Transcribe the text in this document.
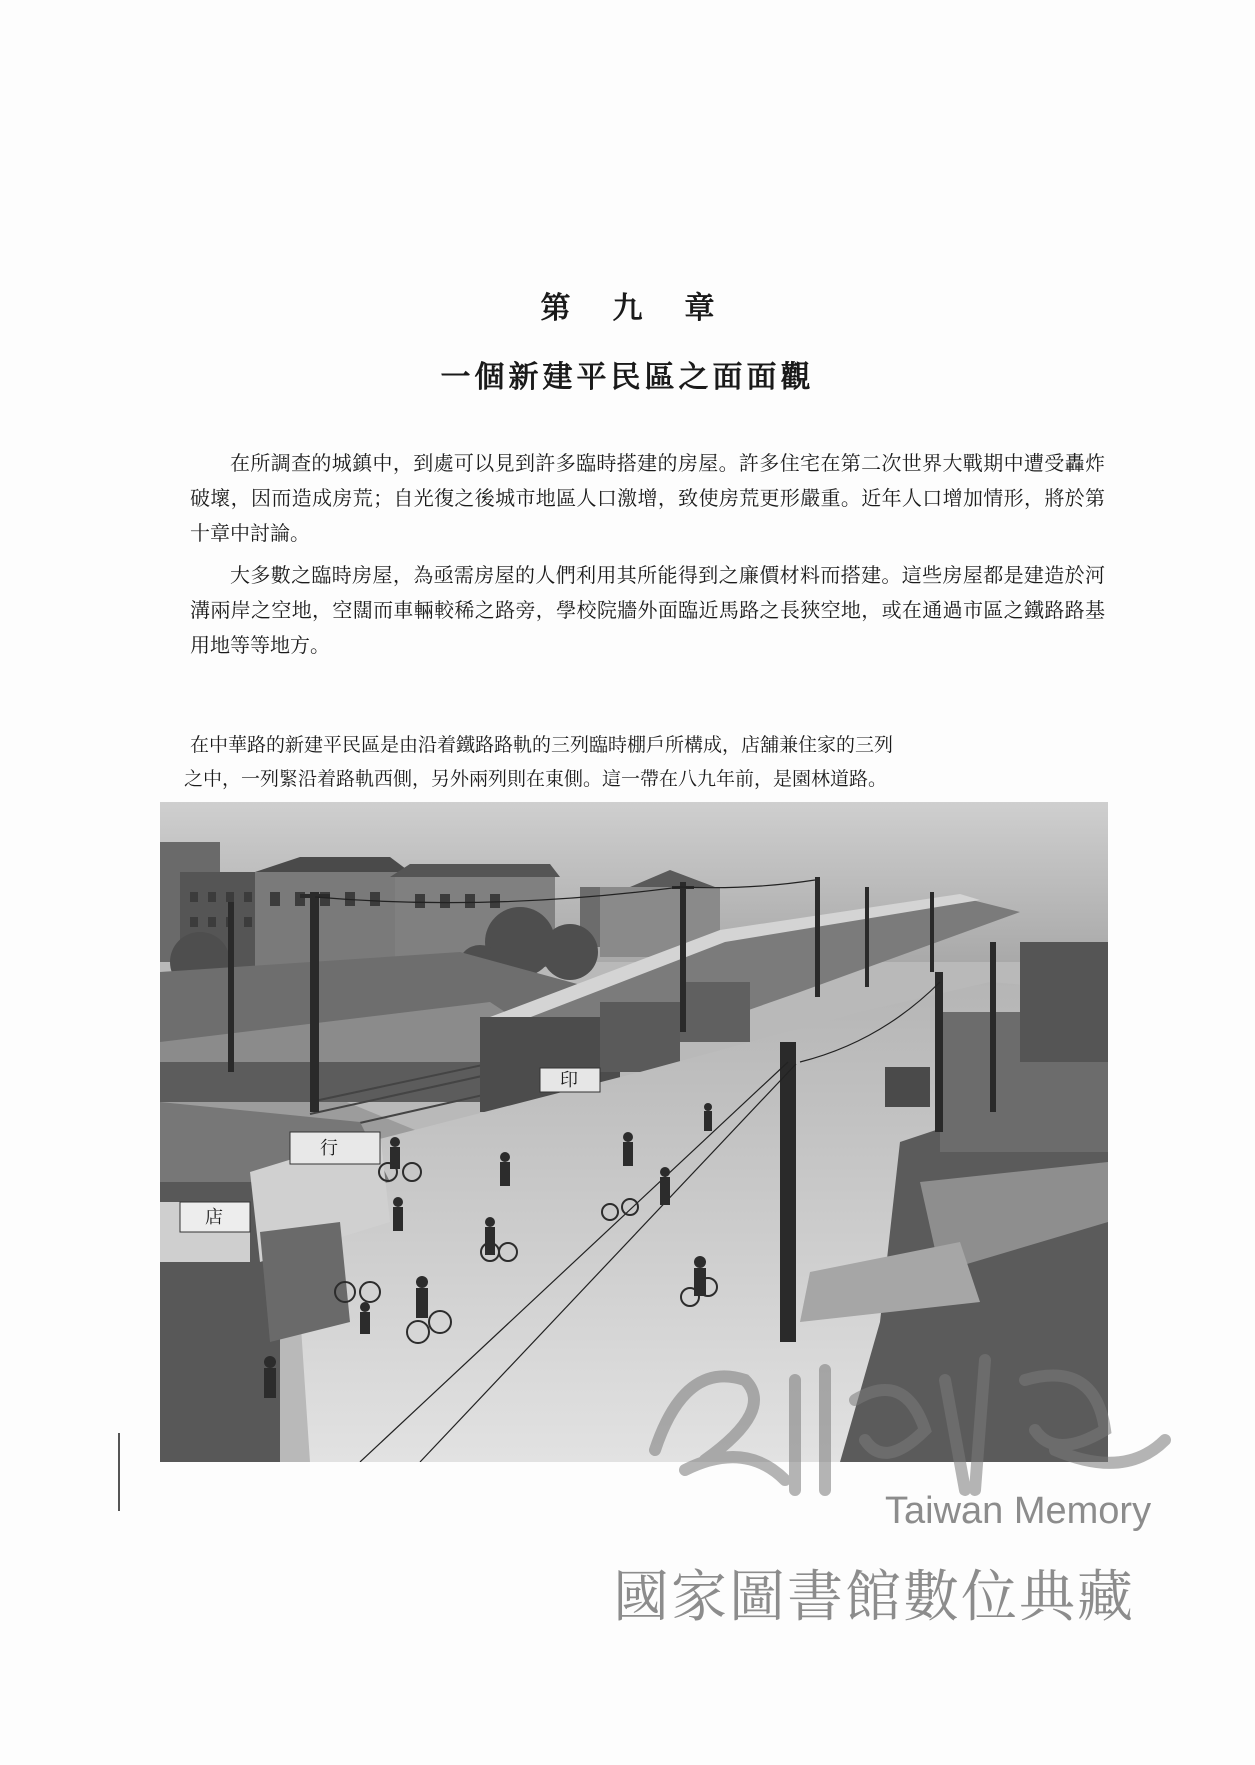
第九章
一個新建平民區之面面觀

在所調查的城鎮中，到處可以見到許多臨時搭建的房屋。許多住宅在第二次世界大戰期中遭受轟炸破壞，因而造成房荒；自光復之後城市地區人口激增，致使房荒更形嚴重。近年人口增加情形，將於第十章中討論。

大多數之臨時房屋，為亟需房屋的人們利用其所能得到之廉價材料而搭建。這些房屋都是建造於河溝兩岸之空地，空闊而車輛較稀之路旁，學校院牆外面臨近馬路之長狹空地，或在通過市區之鐵路路基用地等等地方。

在中華路的新建平民區是由沿着鐵路路軌的三列臨時棚戶所構成，店舖兼住家的三列

之中，一列緊沿着路軌西側，另外兩列則在東側。這一帶在八九年前，是園林道路。

印
行
店
Taiwan Memory
國家圖書館數位典藏
